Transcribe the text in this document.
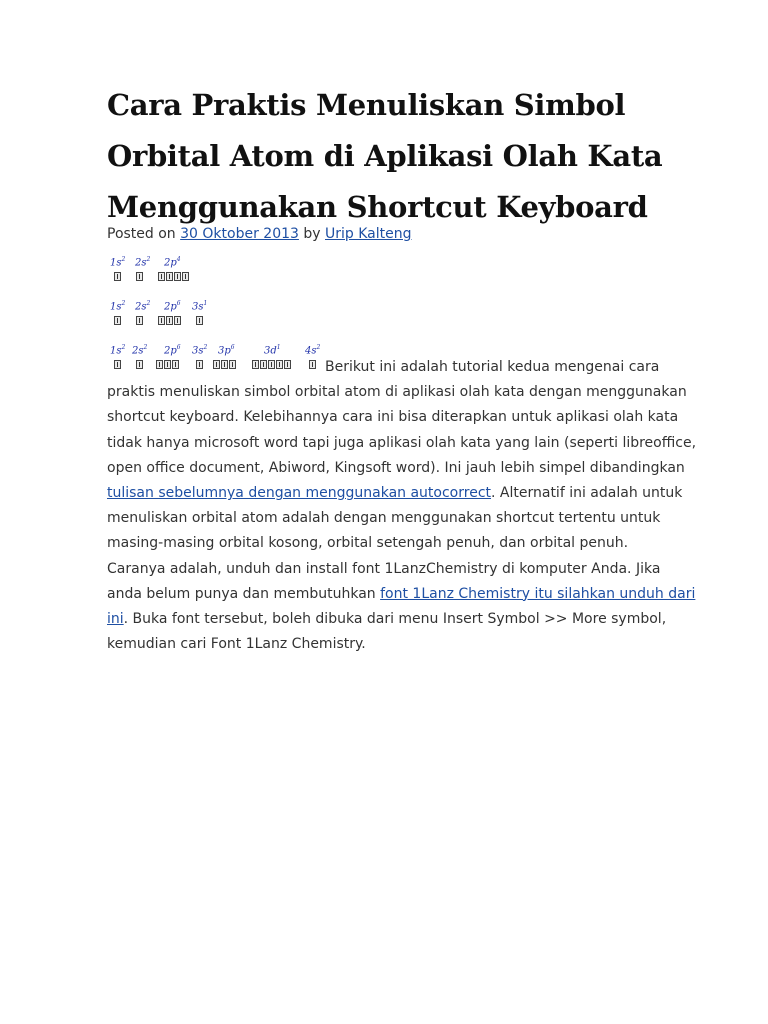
Cara Praktis Menuliskan Simbol
Orbital Atom di Aplikasi Olah Kata
Menggunakan Shortcut Keyboard
Posted on 30 Oktober 2013 by Urip Kalteng
$1s^2$ $2s^2$ $2p^4$
$1s^2$ $2s^2$ $2p^6$ $3s^1$
$1s^2$ $2s^2$ $2p^6$ $3s^2$ $3p^6$	$3d^1$ $4s^2$

Berikut ini adalah tutorial kedua mengenai cara praktis menuliskan simbol orbital atom di aplikasi olah kata dengan menggunakan shortcut keyboard. Kelebihannya cara ini bisa diterapkan untuk aplikasi olah kata tidak hanya microsoft word tapi juga aplikasi olah kata yang lain (seperti libreoffice, open office document, Abiword, Kingsoft word). Ini jauh lebih simpel dibandingkan tulisan sebelumnya dengan menggunakan autocorrect. Alternatif ini adalah untuk menuliskan orbital atom adalah dengan menggunakan shortcut tertentu untuk masing-masing orbital kosong, orbital setengah penuh, dan orbital penuh.

Caranya adalah, unduh dan install font 1LanzChemistry di komputer Anda. Jika anda belum punya dan membutuhkan font 1Lanz Chemistry itu silahkan unduh dari ini. Buka font tersebut, boleh dibuka dari menu Insert Symbol >> More symbol, kemudian cari Font 1Lanz Chemistry.
